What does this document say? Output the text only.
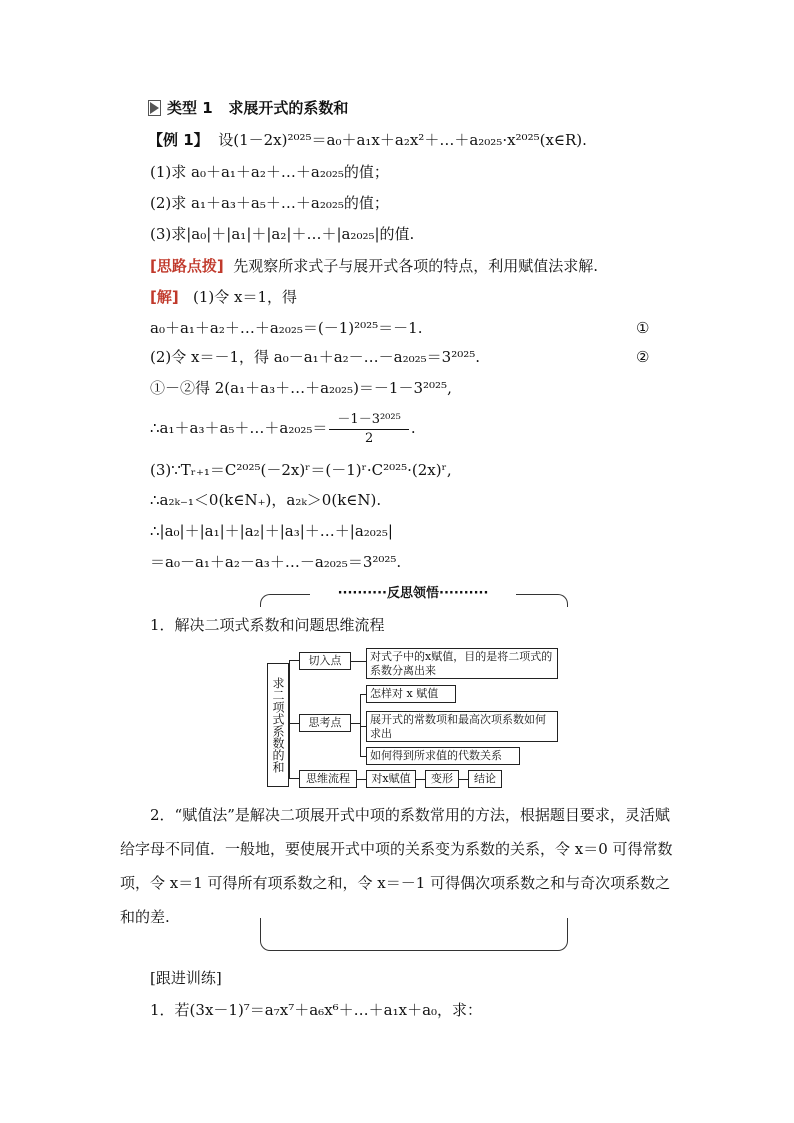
类型 1 求展开式的系数和
【例 1】 设(1－2x)²⁰²⁵＝a₀＋a₁x＋a₂x²＋…＋a₂₀₂₅·x²⁰²⁵(x∈R).
(1)求 a₀＋a₁＋a₂＋…＋a₂₀₂₅的值；
(2)求 a₁＋a₃＋a₅＋…＋a₂₀₂₅的值；
(3)求|a₀|＋|a₁|＋|a₂|＋…＋|a₂₀₂₅|的值.
[思路点拨] 先观察所求式子与展开式各项的特点，利用赋值法求解.
[解] (1)令 x＝1，得
a₀＋a₁＋a₂＋…＋a₂₀₂₅＝(－1)²⁰²⁵＝－1.	①
(2)令 x＝－1，得 a₀－a₁＋a₂－…－a₂₀₂₅＝3²⁰²⁵.	②
①－②得 2(a₁＋a₃＋…＋a₂₀₂₅)＝－1－3²⁰²⁵,
∴a₁＋a₃＋a₅＋…＋a₂₀₂₅＝ $\frac{\text{－1－3²⁰²⁵}}{2}$ .
(3)∵Tᵣ₊₁＝C²⁰²⁵(－2x)ʳ＝(－1)ʳ·C²⁰²⁵·(2x)ʳ,
∴a₂ₖ₋₁＜0(k∈N₊)，a₂ₖ＞0(k∈N).
∴|a₀|＋|a₁|＋|a₂|＋|a₃|＋…＋|a₂₀₂₅|
＝a₀－a₁＋a₂－a₃＋…－a₂₀₂₅＝3²⁰²⁵.
··········反思领悟··········
1．解决二项式系数和问题思维流程
求二项式系数的和
切入点	对式子中的x赋值，目的是将二项式的系数分离出来
思考点
怎样对 x 赋值
展开式的常数项和最高次项系数如何求出
如何得到所求值的代数关系
思维流程	对x赋值	变形	结论
2．“赋值法”是解决二项展开式中项的系数常用的方法，根据题目要求，灵活赋给字母不同值．一般地，要使展开式中项的关系变为系数的关系，令 x＝0 可得常数项，令 x＝1 可得所有项系数之和，令 x＝－1 可得偶次项系数之和与奇次项系数之和的差.
[跟进训练]
1．若(3x－1)⁷＝a₇x⁷＋a₆x⁶＋…＋a₁x＋a₀，求：
